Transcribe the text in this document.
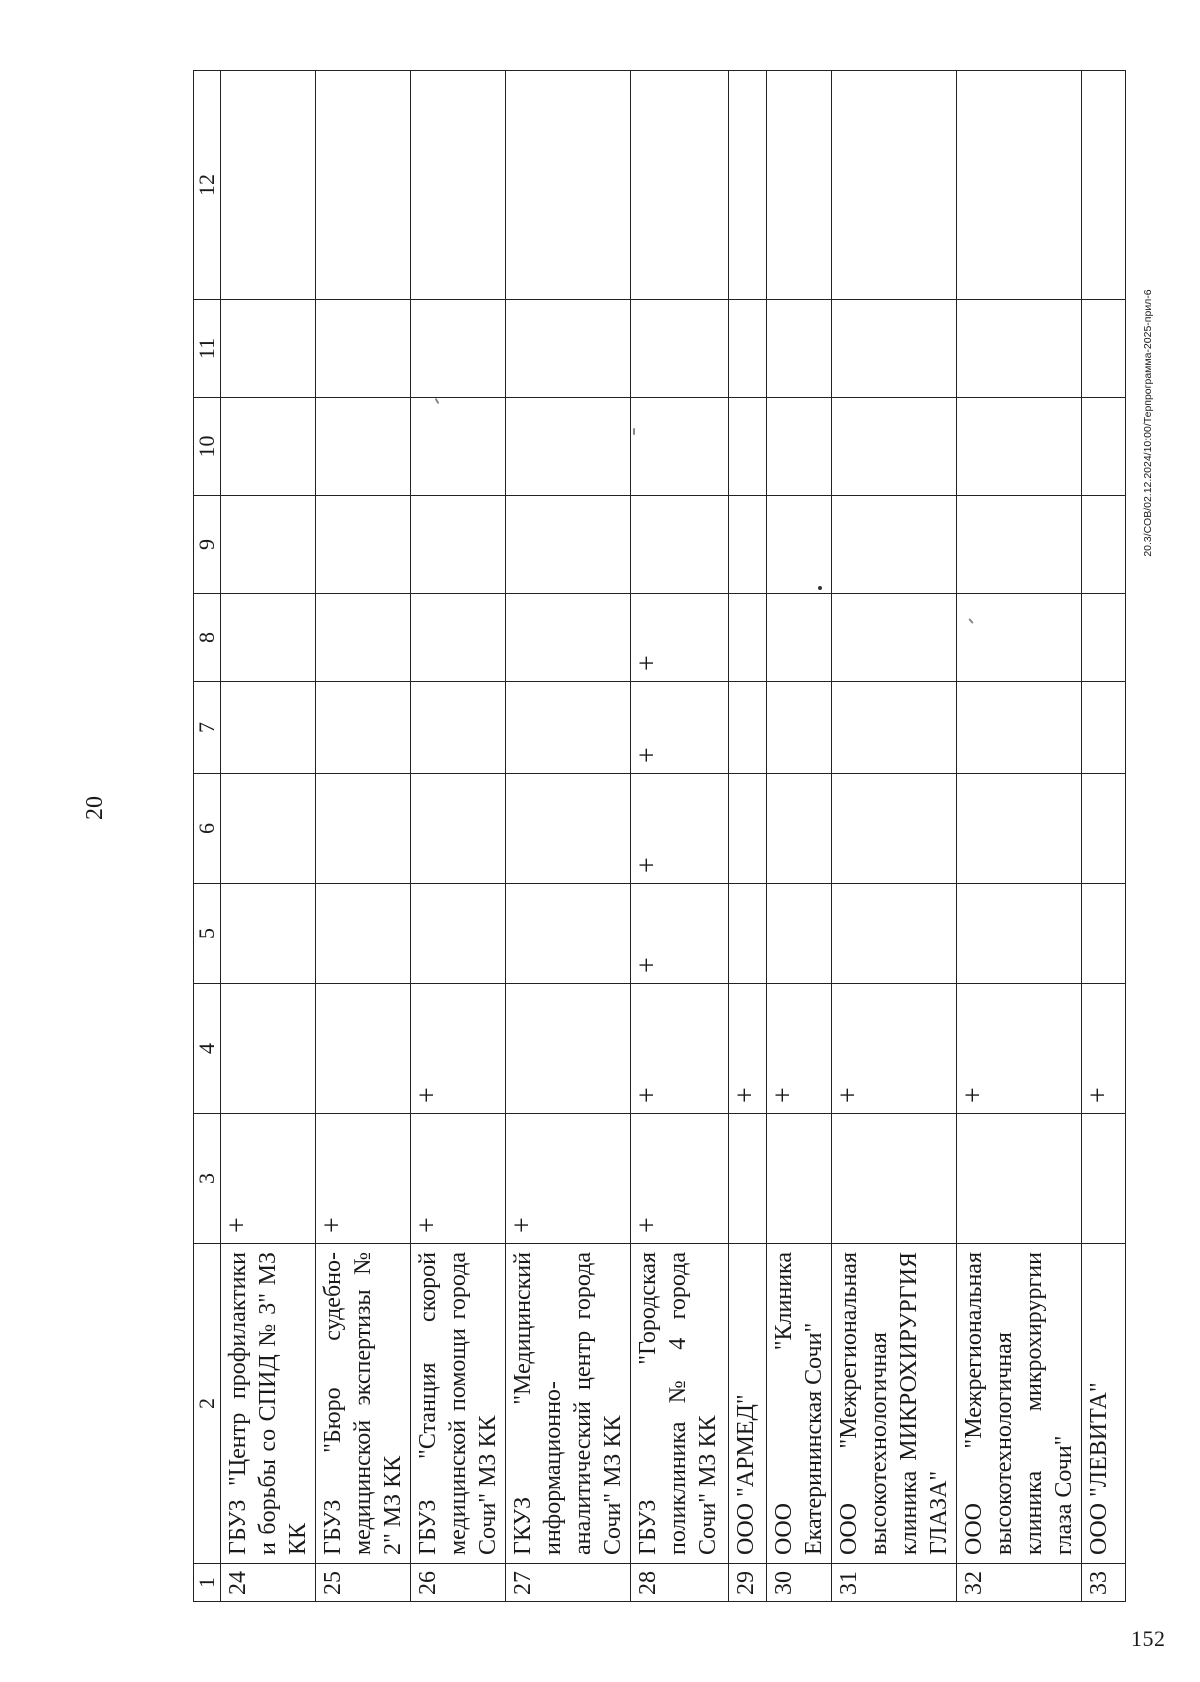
20
1	2	3	4	5	6	7	8	9	10	11	12
24	ГБУЗ "Центр профилактики и борьбы со СПИД № 3" МЗ КК	+									
25	ГБУЗ "Бюро судебно-медицинской экспертизы № 2" МЗ КК	+									
26	ГБУЗ "Станция скорой медицинской помощи города Сочи" МЗ КК	+	+								
27	ГКУЗ "Медицинский информационно-аналитический центр города Сочи" МЗ КК	+									
28	ГБУЗ "Городская поликлиника № 4 города Сочи" МЗ КК	+	+	+	+	+	+				
29	ООО "АРМЕД"		+								
30	ООО "Клиника Екатерининская Сочи"		+								
31	ООО "Межрегиональная высокотехнологичная клиника МИКРОХИРУРГИЯ ГЛАЗА"		+								
32	ООО "Межрегиональная высокотехнологичная клиника микрохирургии глаза Сочи"		+								
33	ООО "ЛЕВИТА"		+								
20.3/СОВ/02.12.2024/10:00/Терпрограмма-2025-прил-6
152
